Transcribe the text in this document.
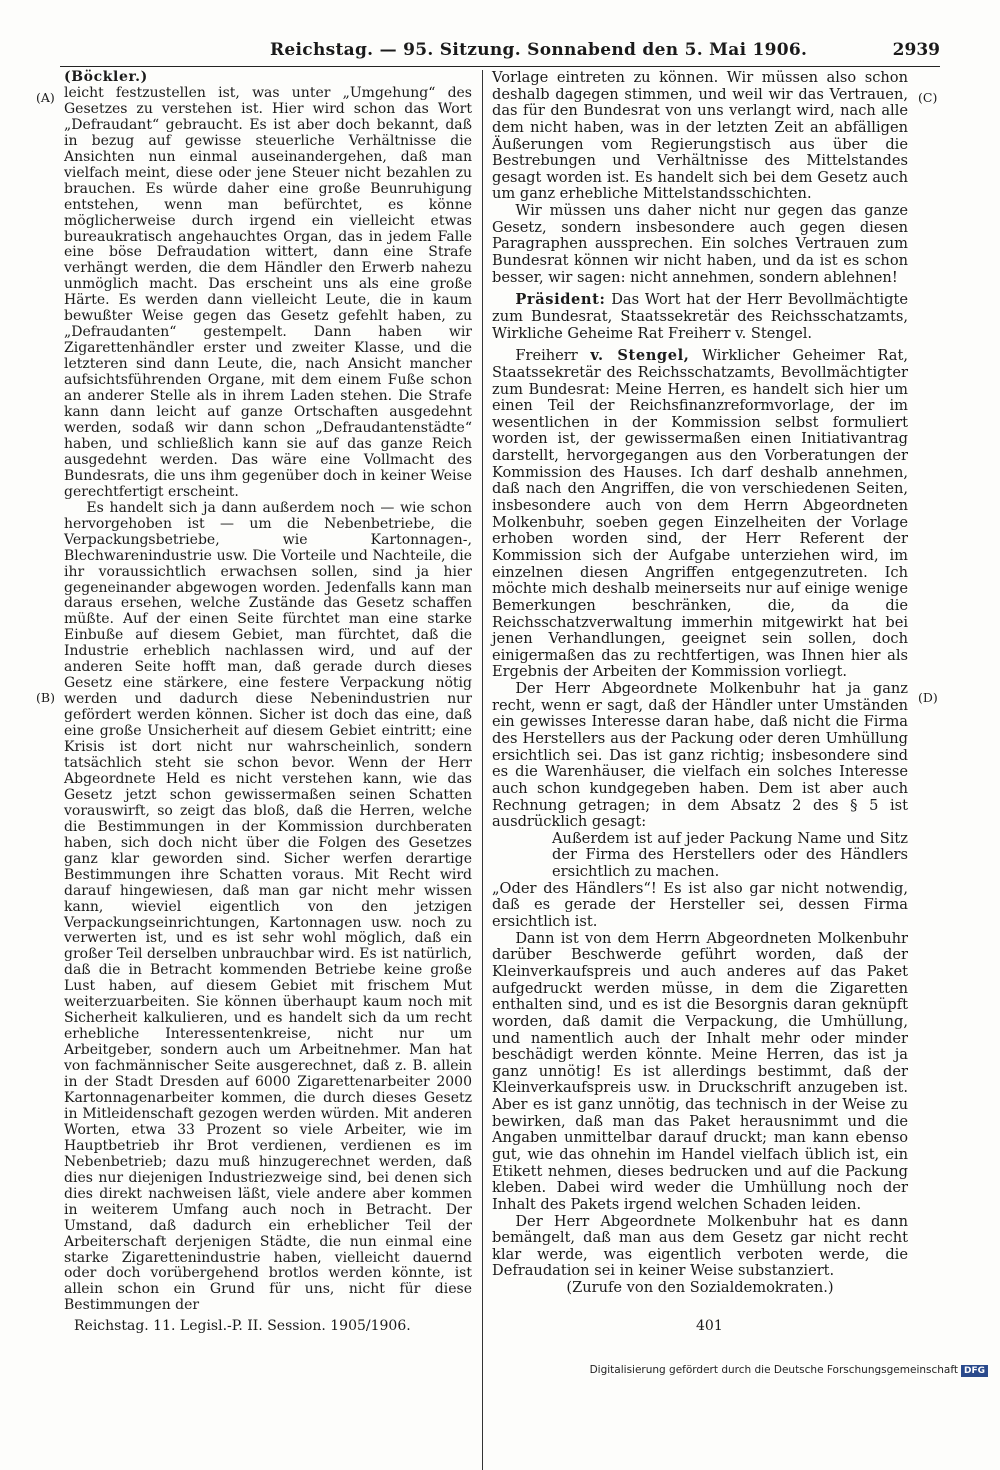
Reichstag. — 95. Sitzung. Sonnabend den 5. Mai 1906.	2939
(A)
(B)
(C)
(D)

(Böckler.)

leicht festzustellen ist, was unter „Umgehung“ des Gesetzes zu verstehen ist. Hier wird schon das Wort „Defraudant“ gebraucht. Es ist aber doch bekannt, daß in bezug auf gewisse steuerliche Verhältnisse die Ansichten nun einmal auseinandergehen, daß man vielfach meint, diese oder jene Steuer nicht bezahlen zu brauchen. Es würde daher eine große Beunruhigung entstehen, wenn man befürchtet, es könne möglicherweise durch irgend ein vielleicht etwas bureaukratisch angehauchtes Organ, das in jedem Falle eine böse Defraudation wittert, dann eine Strafe verhängt werden, die dem Händler den Erwerb nahezu unmöglich macht. Das erscheint uns als eine große Härte. Es werden dann vielleicht Leute, die in kaum bewußter Weise gegen das Gesetz gefehlt haben, zu „Defraudanten“ gestempelt. Dann haben wir Zigarettenhändler erster und zweiter Klasse, und die letzteren sind dann Leute, die, nach Ansicht mancher aufsichtsführenden Organe, mit dem einem Fuße schon an anderer Stelle als in ihrem Laden stehen. Die Strafe kann dann leicht auf ganze Ortschaften ausgedehnt werden, sodaß wir dann schon „Defraudantenstädte“ haben, und schließlich kann sie auf das ganze Reich ausgedehnt werden. Das wäre eine Vollmacht des Bundesrats, die uns ihm gegenüber doch in keiner Weise gerechtfertigt erscheint.

Es handelt sich ja dann außerdem noch — wie schon hervorgehoben ist — um die Nebenbetriebe, die Verpackungsbetriebe, wie Kartonnagen-, Blechwarenindustrie usw. Die Vorteile und Nachteile, die ihr voraussichtlich erwachsen sollen, sind ja hier gegeneinander abgewogen worden. Jedenfalls kann man daraus ersehen, welche Zustände das Gesetz schaffen müßte. Auf der einen Seite fürchtet man eine starke Einbuße auf diesem Gebiet, man fürchtet, daß die Industrie erheblich nachlassen wird, und auf der anderen Seite hofft man, daß gerade durch dieses Gesetz eine stärkere, eine festere Verpackung nötig werden und dadurch diese Nebenindustrien nur gefördert werden können. Sicher ist doch das eine, daß eine große Unsicherheit auf diesem Gebiet eintritt; eine Krisis ist dort nicht nur wahrscheinlich, sondern tatsächlich steht sie schon bevor. Wenn der Herr Abgeordnete Held es nicht verstehen kann, wie das Gesetz jetzt schon gewissermaßen seinen Schatten vorauswirft, so zeigt das bloß, daß die Herren, welche die Bestimmungen in der Kommission durchberaten haben, sich doch nicht über die Folgen des Gesetzes ganz klar geworden sind. Sicher werfen derartige Bestimmungen ihre Schatten voraus. Mit Recht wird darauf hingewiesen, daß man gar nicht mehr wissen kann, wieviel eigentlich von den jetzigen Verpackungseinrichtungen, Kartonnagen usw. noch zu verwerten ist, und es ist sehr wohl möglich, daß ein großer Teil derselben unbrauchbar wird. Es ist natürlich, daß die in Betracht kommenden Betriebe keine große Lust haben, auf diesem Gebiet mit frischem Mut weiterzuarbeiten. Sie können überhaupt kaum noch mit Sicherheit kalkulieren, und es handelt sich da um recht erhebliche Interessentenkreise, nicht nur um Arbeitgeber, sondern auch um Arbeitnehmer. Man hat von fachmännischer Seite ausgerechnet, daß z. B. allein in der Stadt Dresden auf 6000 Zigarettenarbeiter 2000 Kartonnagenarbeiter kommen, die durch dieses Gesetz in Mitleidenschaft gezogen werden würden. Mit anderen Worten, etwa 33 Prozent so viele Arbeiter, wie im Hauptbetrieb ihr Brot verdienen, verdienen es im Nebenbetrieb; dazu muß hinzugerechnet werden, daß dies nur diejenigen Industriezweige sind, bei denen sich dies direkt nachweisen läßt, viele andere aber kommen in weiterem Umfang auch noch in Betracht. Der Umstand, daß dadurch ein erheblicher Teil der Arbeiterschaft derjenigen Städte, die nun einmal eine starke Zigarettenindustrie haben, vielleicht dauernd oder doch vorübergehend brotlos werden könnte, ist allein schon ein Grund für uns, nicht für diese Bestimmungen der

Vorlage eintreten zu können. Wir müssen also schon deshalb dagegen stimmen, und weil wir das Vertrauen, das für den Bundesrat von uns verlangt wird, nach alle dem nicht haben, was in der letzten Zeit an abfälligen Äußerungen vom Regierungstisch aus über die Bestrebungen und Verhältnisse des Mittelstandes gesagt worden ist. Es handelt sich bei dem Gesetz auch um ganz erhebliche Mittelstandsschichten.

Wir müssen uns daher nicht nur gegen das ganze Gesetz, sondern insbesondere auch gegen diesen Paragraphen aussprechen. Ein solches Vertrauen zum Bundesrat können wir nicht haben, und da ist es schon besser, wir sagen: nicht annehmen, sondern ablehnen!

Präsident: Das Wort hat der Herr Bevollmächtigte zum Bundesrat, Staatssekretär des Reichsschatzamts, Wirkliche Geheime Rat Freiherr v. Stengel.

Freiherr v. Stengel, Wirklicher Geheimer Rat, Staatssekretär des Reichsschatzamts, Bevollmächtigter zum Bundesrat: Meine Herren, es handelt sich hier um einen Teil der Reichsfinanzreformvorlage, der im wesentlichen in der Kommission selbst formuliert worden ist, der gewissermaßen einen Initiativantrag darstellt, hervorgegangen aus den Vorberatungen der Kommission des Hauses. Ich darf deshalb annehmen, daß nach den Angriffen, die von verschiedenen Seiten, insbesondere auch von dem Herrn Abgeordneten Molkenbuhr, soeben gegen Einzelheiten der Vorlage erhoben worden sind, der Herr Referent der Kommission sich der Aufgabe unterziehen wird, im einzelnen diesen Angriffen entgegenzutreten. Ich möchte mich deshalb meinerseits nur auf einige wenige Bemerkungen beschränken, die, da die Reichsschatzverwaltung immerhin mitgewirkt hat bei jenen Verhandlungen, geeignet sein sollen, doch einigermaßen das zu rechtfertigen, was Ihnen hier als Ergebnis der Arbeiten der Kommission vorliegt.

Der Herr Abgeordnete Molkenbuhr hat ja ganz recht, wenn er sagt, daß der Händler unter Umständen ein gewisses Interesse daran habe, daß nicht die Firma des Herstellers aus der Packung oder deren Umhüllung ersichtlich sei. Das ist ganz richtig; insbesondere sind es die Warenhäuser, die vielfach ein solches Interesse auch schon kundgegeben haben. Dem ist aber auch Rechnung getragen; in dem Absatz 2 des § 5 ist ausdrücklich gesagt:

Außerdem ist auf jeder Packung Name und Sitz der Firma des Herstellers oder des Händlers ersichtlich zu machen.

„Oder des Händlers“! Es ist also gar nicht notwendig, daß es gerade der Hersteller sei, dessen Firma ersichtlich ist.

Dann ist von dem Herrn Abgeordneten Molkenbuhr darüber Beschwerde geführt worden, daß der Kleinverkaufspreis und auch anderes auf das Paket aufgedruckt werden müsse, in dem die Zigaretten enthalten sind, und es ist die Besorgnis daran geknüpft worden, daß damit die Verpackung, die Umhüllung, und namentlich auch der Inhalt mehr oder minder beschädigt werden könnte. Meine Herren, das ist ja ganz unnötig! Es ist allerdings bestimmt, daß der Kleinverkaufspreis usw. in Druckschrift anzugeben ist. Aber es ist ganz unnötig, das technisch in der Weise zu bewirken, daß man das Paket herausnimmt und die Angaben unmittelbar darauf druckt; man kann ebenso gut, wie das ohnehin im Handel vielfach üblich ist, ein Etikett nehmen, dieses bedrucken und auf die Packung kleben. Dabei wird weder die Umhüllung noch der Inhalt des Pakets irgend welchen Schaden leiden.

Der Herr Abgeordnete Molkenbuhr hat es dann bemängelt, daß man aus dem Gesetz gar nicht recht klar werde, was eigentlich verboten werde, die Defraudation sei in keiner Weise substanziert.

(Zurufe von den Sozialdemokraten.)

Reichstag. 11. Legisl.-P. II. Session. 1905/1906.	401
Digitalisierung gefördert durch die Deutsche Forschungsgemeinschaft DFG
